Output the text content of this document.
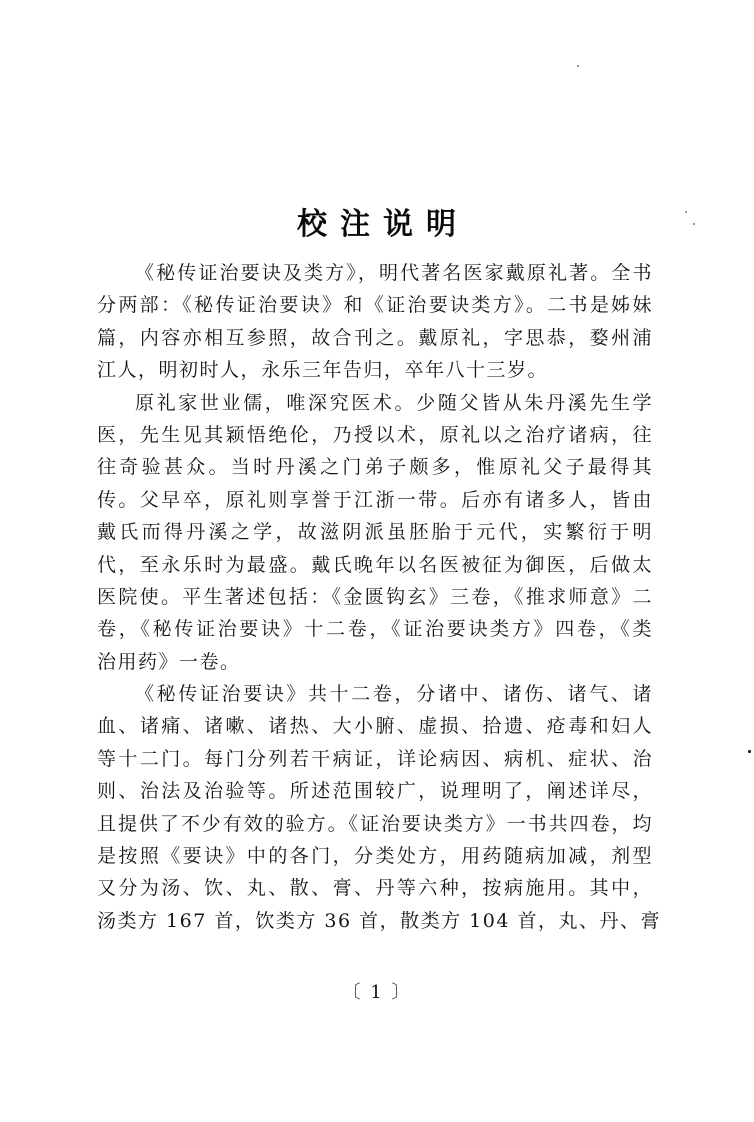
校注说明
《秘传证治要诀及类方》，明代著名医家戴原礼著。全书
分两部：《秘传证治要诀》和《证治要诀类方》。二书是姊妹
篇，内容亦相互参照，故合刊之。戴原礼，字思恭，婺州浦
江人，明初时人，永乐三年告归，卒年八十三岁。
原礼家世业儒，唯深究医术。少随父皆从朱丹溪先生学
医，先生见其颖悟绝伦，乃授以术，原礼以之治疗诸病，往
往奇验甚众。当时丹溪之门弟子颇多，惟原礼父子最得其
传。父早卒，原礼则享誉于江浙一带。后亦有诸多人，皆由
戴氏而得丹溪之学，故滋阴派虽胚胎于元代，实繁衍于明
代，至永乐时为最盛。戴氏晚年以名医被征为御医，后做太
医院使。平生著述包括：《金匮钩玄》三卷，《推求师意》二
卷，《秘传证治要诀》十二卷，《证治要诀类方》四卷，《类
治用药》一卷。
《秘传证治要诀》共十二卷，分诸中、诸伤、诸气、诸
血、诸痛、诸嗽、诸热、大小腑、虚损、拾遗、疮毒和妇人
等十二门。每门分列若干病证，详论病因、病机、症状、治
则、治法及治验等。所述范围较广，说理明了，阐述详尽，
且提供了不少有效的验方。《证治要诀类方》一书共四卷，均
是按照《要诀》中的各门，分类处方，用药随病加减，剂型
又分为汤、饮、丸、散、膏、丹等六种，按病施用。其中，
汤类方 167 首，饮类方 36 首，散类方 104 首，丸、丹、膏
〔 1 〕
